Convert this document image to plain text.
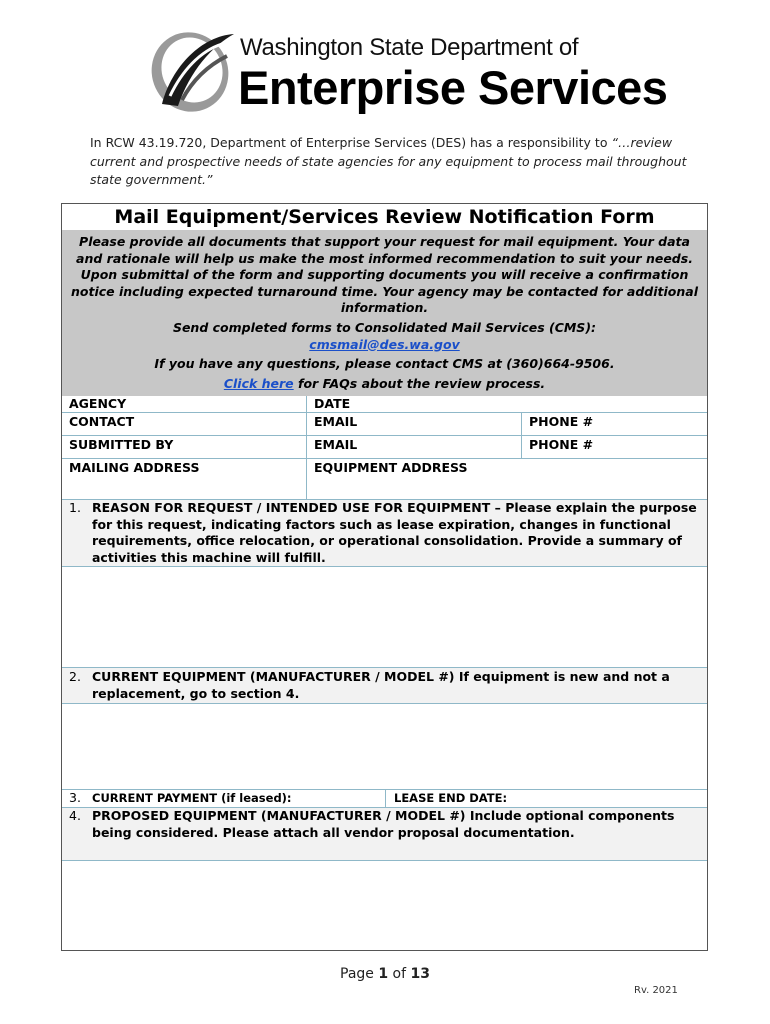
Washington State Department of
Enterprise Services
In RCW 43.19.720, Department of Enterprise Services (DES) has a responsibility to “…review current and prospective needs of state agencies for any equipment to process mail throughout state government.”
Mail Equipment/Services Review Notification Form

Please provide all documents that support your request for mail equipment. Your data and rationale will help us make the most informed recommendation to suit your needs. Upon submittal of the form and supporting documents you will receive a confirmation notice including expected turnaround time. Your agency may be contacted for additional information.

Send completed forms to Consolidated Mail Services (CMS):

cmsmail@des.wa.gov

If you have any questions, please contact CMS at (360)664-9506.

Click here for FAQs about the review process.

AGENCY	DATE
CONTACT	EMAIL	PHONE #
SUBMITTED BY	EMAIL	PHONE #
MAILING ADDRESS	EQUIPMENT ADDRESS
1. REASON FOR REQUEST / INTENDED USE FOR EQUIPMENT – Please explain the purpose for this request, indicating factors such as lease expiration, changes in functional requirements, office relocation, or operational consolidation. Provide a summary of activities this machine will fulfill.
2. CURRENT EQUIPMENT (MANUFACTURER / MODEL #) If equipment is new and not a replacement, go to section 4.
3. CURRENT PAYMENT (if leased):	LEASE END DATE:
4. PROPOSED EQUIPMENT (MANUFACTURER / MODEL #) Include optional components being considered. Please attach all vendor proposal documentation.
Page 1 of 13
Rv. 2021
